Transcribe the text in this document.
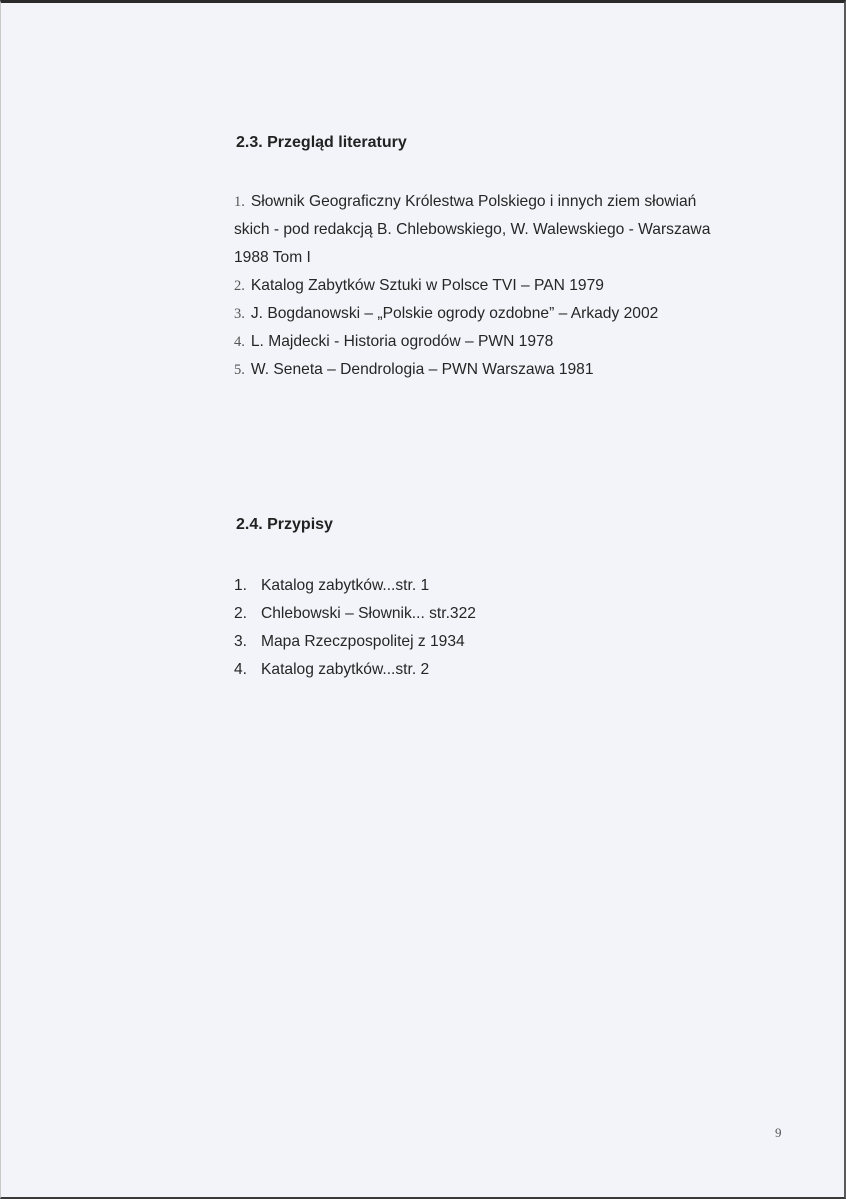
2.3. Przegląd literatury
1. Słownik Geograficzny Królestwa Polskiego i innych ziem słowiań
skich - pod redakcją B. Chlebowskiego, W. Walewskiego - Warszawa
1988 Tom I
2. Katalog Zabytków Sztuki w Polsce TVI – PAN 1979
3. J. Bogdanowski – „Polskie ogrody ozdobne” – Arkady 2002
4. L. Majdecki - Historia ogrodów – PWN 1978
5. W. Seneta – Dendrologia – PWN Warszawa 1981
2.4. Przypisy
1. Katalog zabytków...str. 1
2. Chlebowski – Słownik... str.322
3. Mapa Rzeczpospolitej z 1934
4. Katalog zabytków...str. 2
9
